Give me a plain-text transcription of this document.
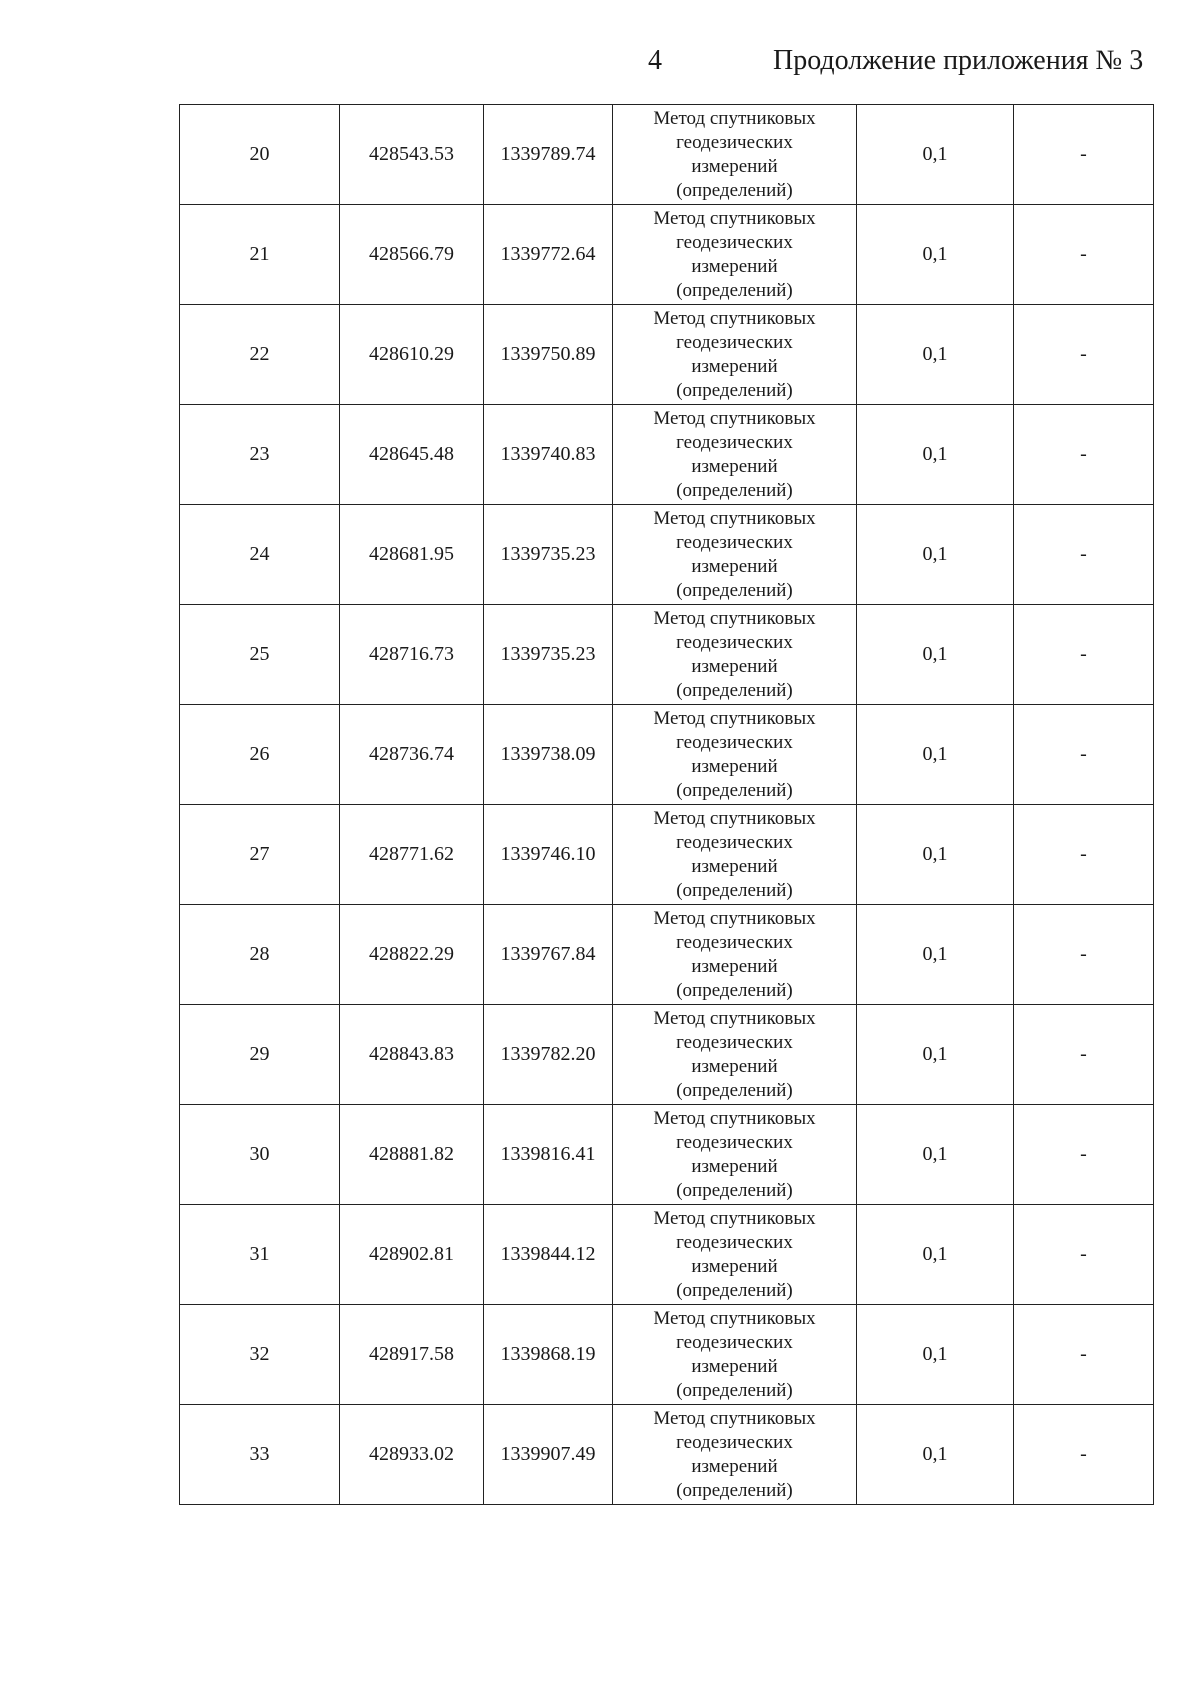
4	Продолжение приложения № 3
20	428543.53	1339789.74	Метод спутниковых
геодезических
измерений
(определений)	0,1	-
21	428566.79	1339772.64	Метод спутниковых
геодезических
измерений
(определений)	0,1	-
22	428610.29	1339750.89	Метод спутниковых
геодезических
измерений
(определений)	0,1	-
23	428645.48	1339740.83	Метод спутниковых
геодезических
измерений
(определений)	0,1	-
24	428681.95	1339735.23	Метод спутниковых
геодезических
измерений
(определений)	0,1	-
25	428716.73	1339735.23	Метод спутниковых
геодезических
измерений
(определений)	0,1	-
26	428736.74	1339738.09	Метод спутниковых
геодезических
измерений
(определений)	0,1	-
27	428771.62	1339746.10	Метод спутниковых
геодезических
измерений
(определений)	0,1	-
28	428822.29	1339767.84	Метод спутниковых
геодезических
измерений
(определений)	0,1	-
29	428843.83	1339782.20	Метод спутниковых
геодезических
измерений
(определений)	0,1	-
30	428881.82	1339816.41	Метод спутниковых
геодезических
измерений
(определений)	0,1	-
31	428902.81	1339844.12	Метод спутниковых
геодезических
измерений
(определений)	0,1	-
32	428917.58	1339868.19	Метод спутниковых
геодезических
измерений
(определений)	0,1	-
33	428933.02	1339907.49	Метод спутниковых
геодезических
измерений
(определений)	0,1	-
